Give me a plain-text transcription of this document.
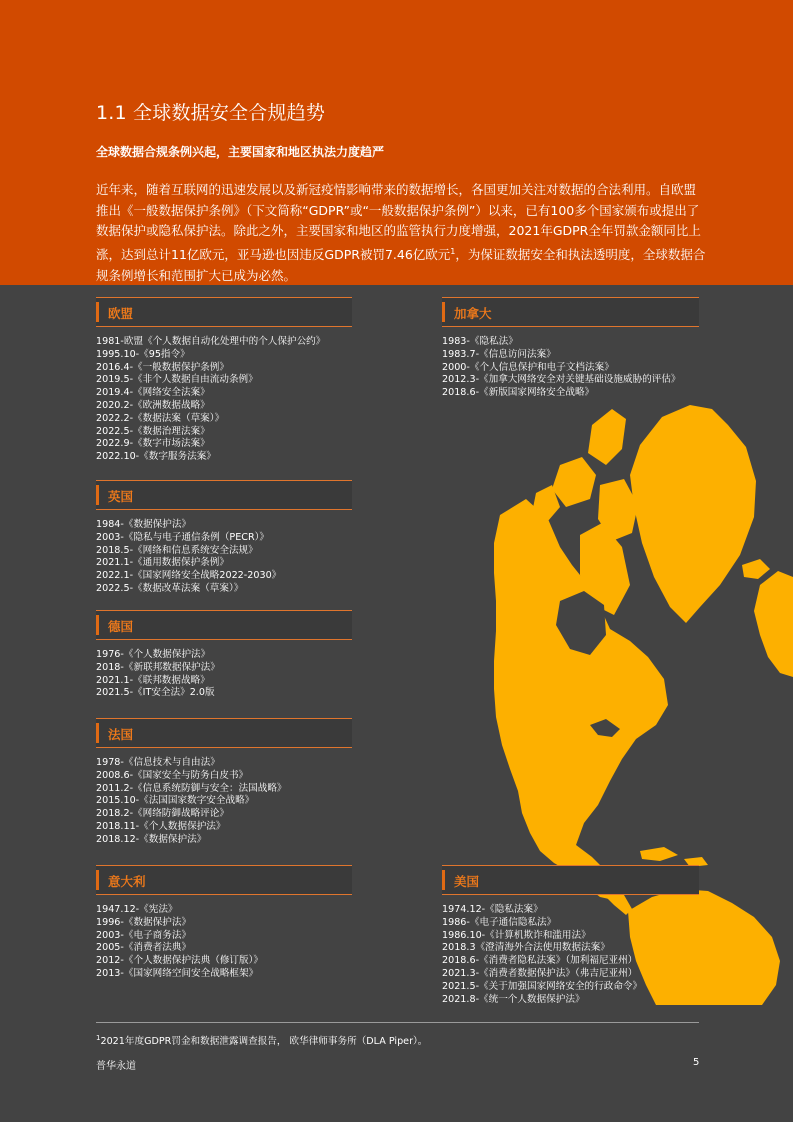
1.1 全球数据安全合规趋势
全球数据合规条例兴起，主要国家和地区执法力度趋严
近年来，随着互联网的迅速发展以及新冠疫情影响带来的数据增长，各国更加关注对数据的合法利用。自欧盟推出《一般数据保护条例》（下文简称“GDPR”或“一般数据保护条例”）以来，已有100多个国家颁布或提出了数据保护或隐私保护法。除此之外，主要国家和地区的监管执行力度增强，2021年GDPR全年罚款金额同比上涨，达到总计11亿欧元，亚马逊也因违反GDPR被罚7.46亿欧元$^1$，为保证数据安全和执法透明度，全球数据合规条例增长和范围扩大已成为必然。
欧盟
1981-欧盟《个人数据自动化处理中的个人保护公约》
1995.10-《95指令》
2016.4-《一般数据保护条例》
2019.5-《非个人数据自由流动条例》
2019.4-《网络安全法案》
2020.2-《欧洲数据战略》
2022.2-《数据法案（草案）》
2022.5-《数据治理法案》
2022.9-《数字市场法案》
2022.10-《数字服务法案》
英国
1984-《数据保护法》
2003-《隐私与电子通信条例（PECR）》
2018.5-《网络和信息系统安全法规》
2021.1-《通用数据保护条例》
2022.1-《国家网络安全战略2022-2030》
2022.5-《数据改革法案（草案）》
德国
1976-《个人数据保护法》
2018-《新联邦数据保护法》
2021.1-《联邦数据战略》
2021.5-《IT安全法》2.0版
法国
1978-《信息技术与自由法》
2008.6-《国家安全与防务白皮书》
2011.2-《信息系统防御与安全：法国战略》
2015.10-《法国国家数字安全战略》
2018.2-《网络防御战略评论》
2018.11-《个人数据保护法》
2018.12-《数据保护法》
意大利
1947.12-《宪法》
1996-《数据保护法》
2003-《电子商务法》
2005-《消费者法典》
2012-《个人数据保护法典（修订版）》
2013-《国家网络空间安全战略框架》
加拿大
1983-《隐私法》
1983.7-《信息访问法案》
2000-《个人信息保护和电子文档法案》
2012.3-《加拿大网络安全对关键基础设施威胁的评估》
2018.6-《新版国家网络安全战略》
美国
1974.12-《隐私法案》
1986-《电子通信隐私法》
1986.10-《计算机欺诈和滥用法》
2018.3《澄清海外合法使用数据法案》
2018.6-《消费者隐私法案》（加利福尼亚州）
2021.3-《消费者数据保护法》（弗吉尼亚州）
2021.5-《关于加强国家网络安全的行政命令》
2021.8-《统一个人数据保护法》
$^1$2021年度GDPR罚金和数据泄露调查报告， 欧华律师事务所（DLA Piper）。
普华永道	5
